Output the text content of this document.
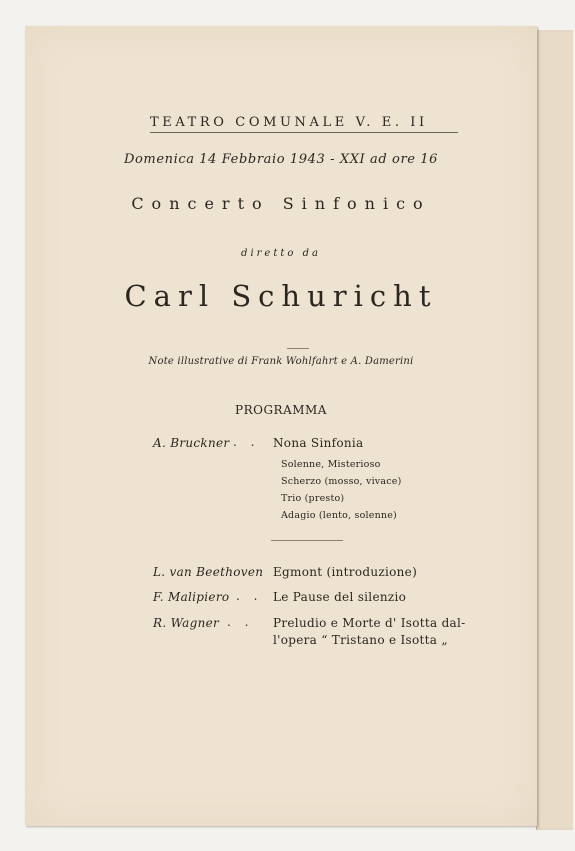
TEATRO COMUNALE V. E. II
Domenica 14 Febbraio 1943 - XXI ad ore 16
Concerto Sinfonico
diretto da
Carl Schuricht
Note illustrative di Frank Wohlfahrt e A. Damerini
PROGRAMMA
A. Bruckner . . Nona Sinfonia
Solenne, Misterioso
Scherzo (mosso, vivace)
Trio (presto)
Adagio (lento, solenne)
L. van Beethoven Egmont (introduzione)
F. Malipiero . . Le Pause del silenzio
R. Wagner . . Preludio e Morte d' Isotta dal-
l'opera “ Tristano e Isotta „
